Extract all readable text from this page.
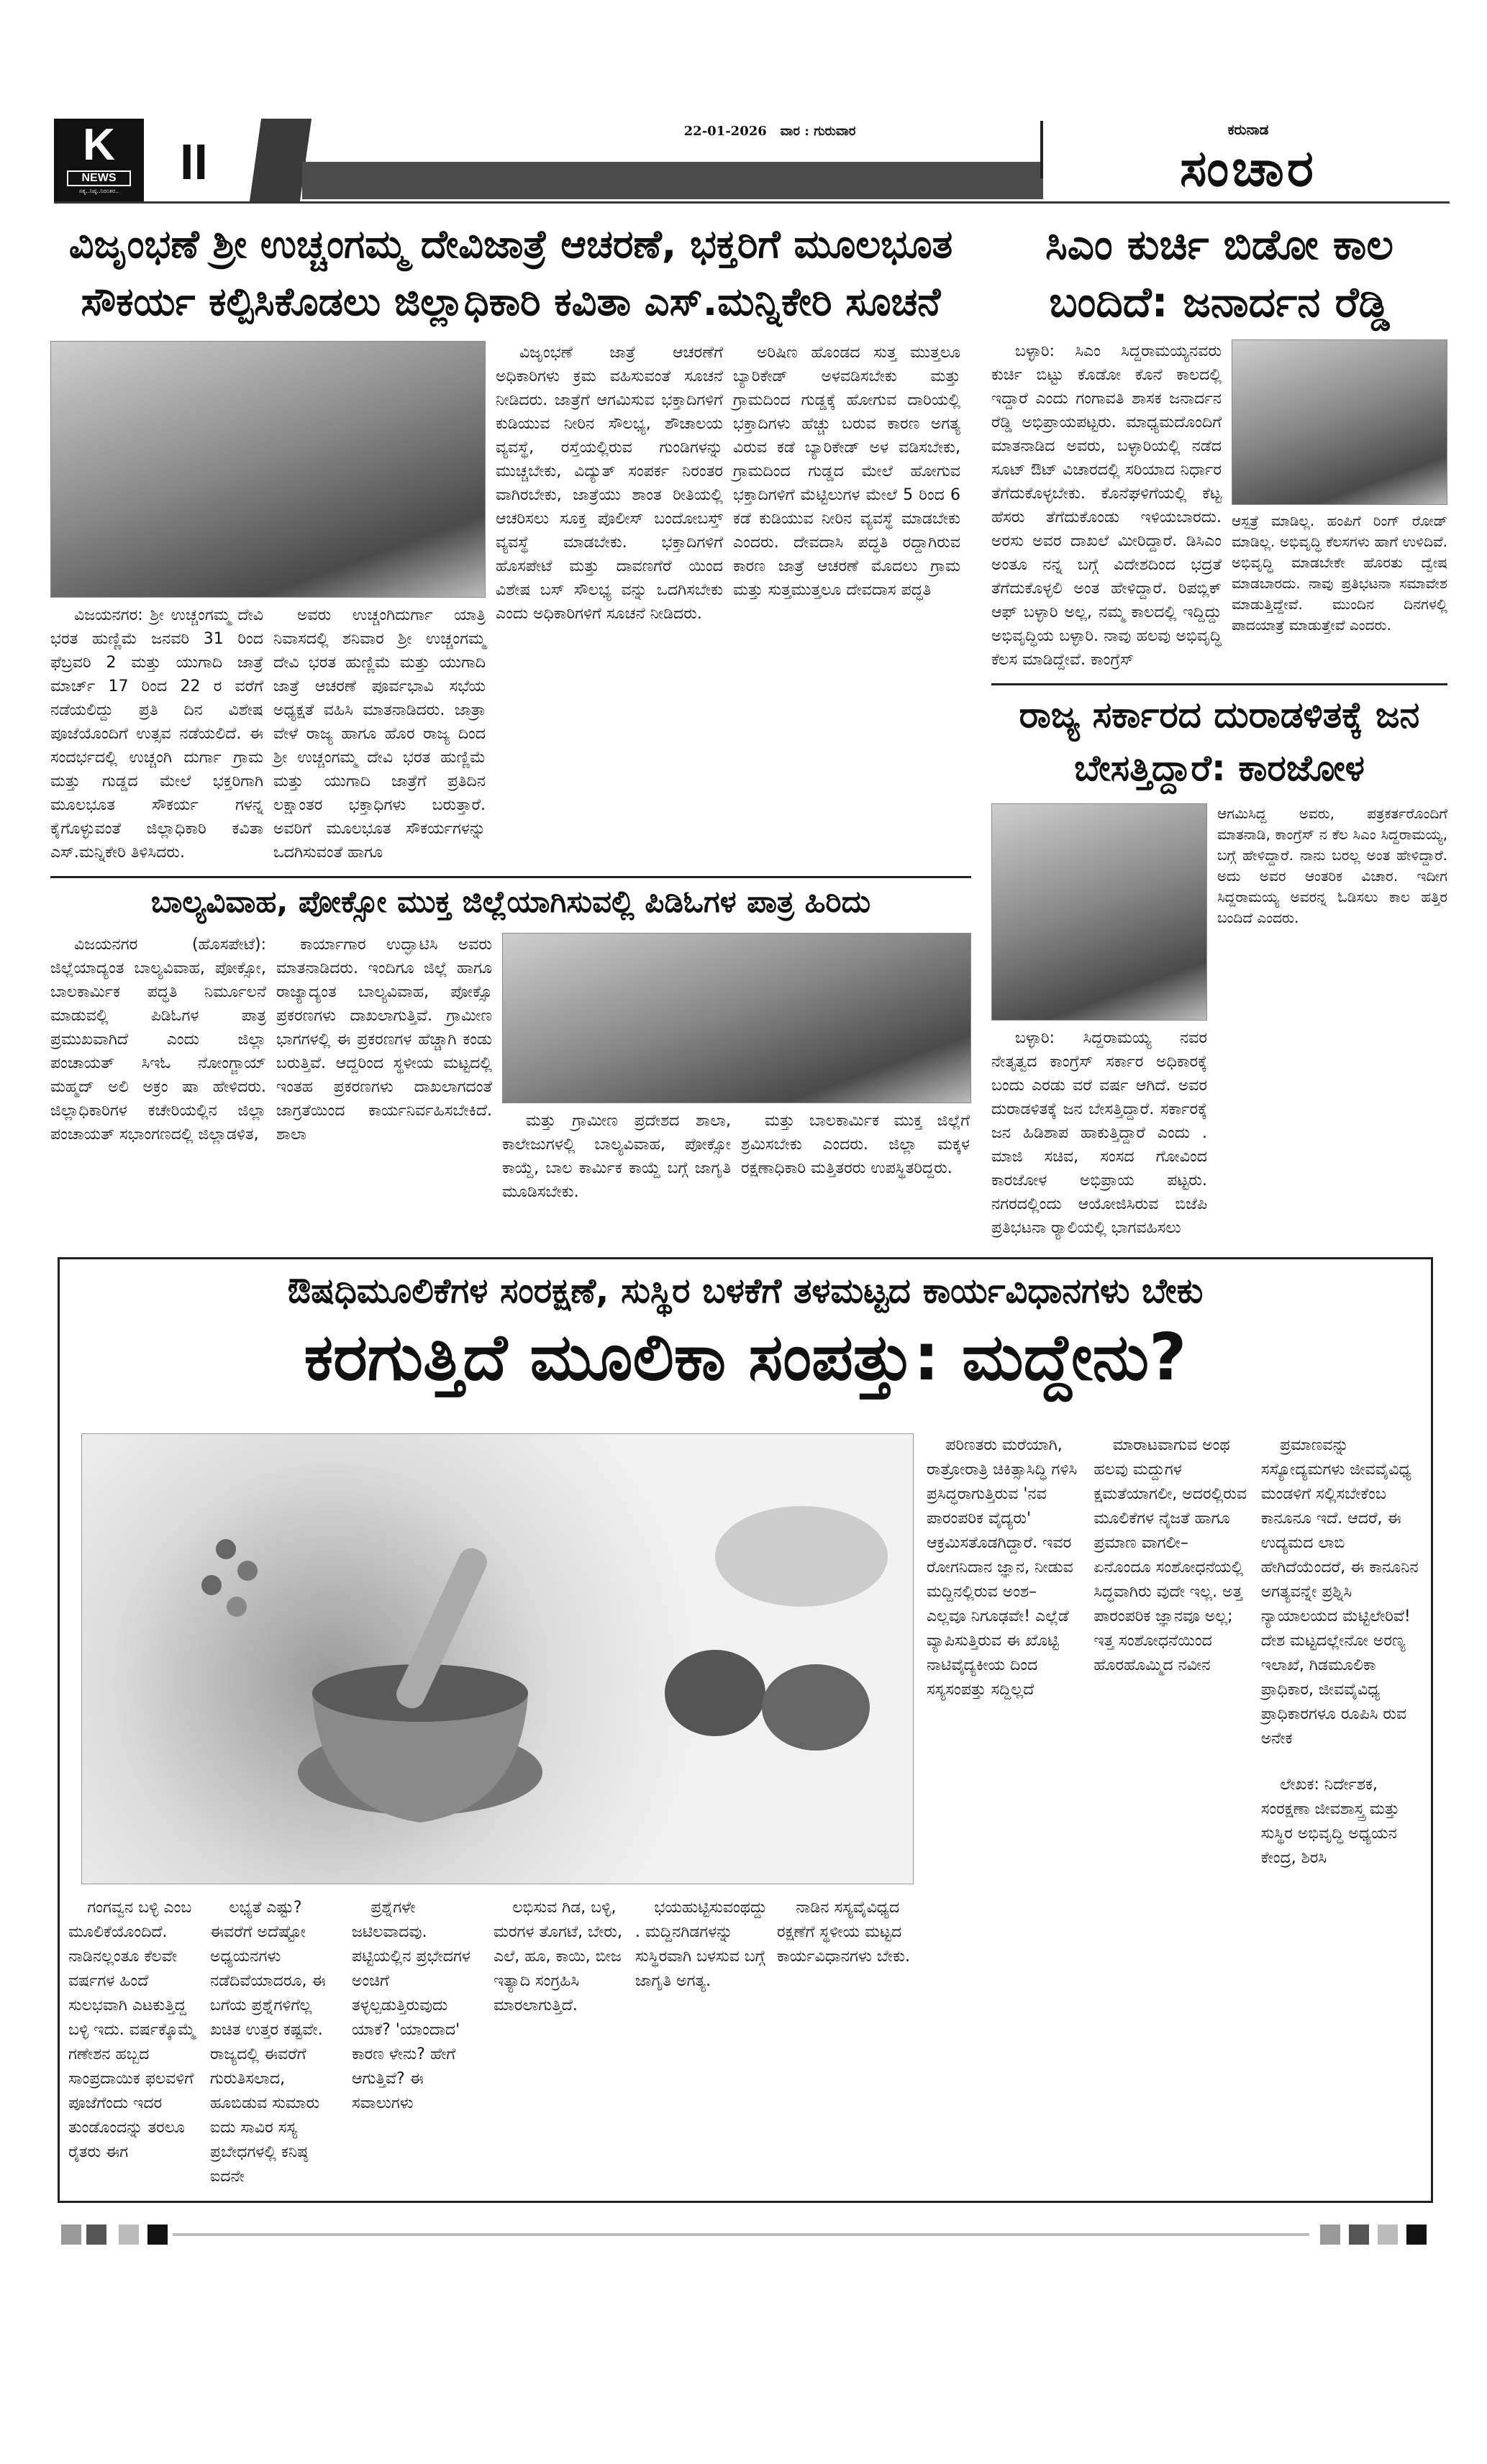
K
NEWS
ಸತ್ಯ..ನಿಷ್ಠ..ನಿರಂತರ..
II
22-01-2026 ವಾರ : ಗುರುವಾರ	ಕರುನಾಡ
ಸಂಚಾರ
ವಿಜೃಂಭಣೆ ಶ್ರೀ ಉಚ್ಚಂಗಮ್ಮ ದೇವಿಜಾತ್ರೆ ಆಚರಣೆ, ಭಕ್ತರಿಗೆ ಮೂಲಭೂತ ಸೌಕರ್ಯ ಕಲ್ಪಿಸಿಕೊಡಲು ಜಿಲ್ಲಾಧಿಕಾರಿ ಕವಿತಾ ಎಸ್.ಮನ್ನಿಕೇರಿ ಸೂಚನೆ

ವಿಜಯನಗರ: ಶ್ರೀ ಉಚ್ಚಂಗಮ್ಮ ದೇವಿ ಭರತ ಹುಣ್ಣಿಮೆ ಜನವರಿ 31 ರಿಂದ ಫೆಬ್ರವರಿ 2 ಮತ್ತು ಯುಗಾದಿ ಜಾತ್ರೆ ಮಾರ್ಚ್ 17 ರಿಂದ 22 ರ ವರೆಗೆ ನಡೆಯಲಿದ್ದು ಪ್ರತಿ ದಿನ ವಿಶೇಷ ಪೂಜೆಯೊಂದಿಗೆ ಉತ್ಸವ ನಡೆಯಲಿದೆ. ಈ ಸಂದರ್ಭದಲ್ಲಿ ಉಚ್ಚಂಗಿ ದುರ್ಗಾ ಗ್ರಾಮ ಮತ್ತು ಗುಡ್ಡದ ಮೇಲೆ ಭಕ್ತರಿಗಾಗಿ ಮೂಲಭೂತ ಸೌಕರ್ಯ ಗಳನ್ನ ಕೈಗೊಳ್ಳುವಂತೆ ಜಿಲ್ಲಾಧಿಕಾರಿ ಕವಿತಾ ಎಸ್.ಮನ್ನಿಕೇರಿ ತಿಳಿಸಿದರು.

ಅವರು ಉಚ್ಚಂಗಿದುರ್ಗಾ ಯಾತ್ರಿ ನಿವಾಸದಲ್ಲಿ ಶನಿವಾರ ಶ್ರೀ ಉಚ್ಚಂಗಮ್ಮ ದೇವಿ ಭರತ ಹುಣ್ಣಿಮೆ ಮತ್ತು ಯುಗಾದಿ ಜಾತ್ರೆ ಆಚರಣೆ ಪೂರ್ವಭಾವಿ ಸಭೆಯ ಅಧ್ಯಕ್ಷತೆ ವಹಿಸಿ ಮಾತನಾಡಿದರು. ಜಾತ್ರಾ ವೇಳೆ ರಾಜ್ಯ ಹಾಗೂ ಹೊರ ರಾಜ್ಯ ದಿಂದ ಶ್ರೀ ಉಚ್ಚಂಗಮ್ಮ ದೇವಿ ಭರತ ಹುಣ್ಣಿಮೆ ಮತ್ತು ಯುಗಾದಿ ಜಾತ್ರೆಗೆ ಪ್ರತಿದಿನ ಲಕ್ಷಾಂತರ ಭಕ್ತಾಧಿಗಳು ಬರುತ್ತಾರೆ. ಅವರಿಗೆ ಮೂಲಭೂತ ಸೌಕರ್ಯಗಳನ್ನು ಒದಗಿಸುವಂತೆ ಹಾಗೂ

ವಿಜೃಂಭಣೆ ಜಾತ್ರೆ ಆಚರಣೆಗೆ ಅಧಿಕಾರಿಗಳು ಕ್ರಮ ವಹಿಸುವಂತೆ ಸೂಚನೆ ನೀಡಿದರು. ಜಾತ್ರೆಗೆ ಆಗಮಿಸುವ ಭಕ್ತಾದಿಗಳಿಗೆ ಕುಡಿಯುವ ನೀರಿನ ಸೌಲಭ್ಯ, ಶೌಚಾಲಯ ವ್ಯವಸ್ಥೆ, ರಸ್ತೆಯಲ್ಲಿರುವ ಗುಂಡಿಗಳನ್ನು ಮುಚ್ಚಬೇಕು, ವಿದ್ಯುತ್ ಸಂಪರ್ಕ ನಿರಂತರ ವಾಗಿರಬೇಕು, ಜಾತ್ರೆಯು ಶಾಂತ ರೀತಿಯಲ್ಲಿ ಆಚರಿಸಲು ಸೂಕ್ತ ಪೊಲೀಸ್ ಬಂದೋಬಸ್ತ್ ವ್ಯವಸ್ಥೆ ಮಾಡಬೇಕು. ಭಕ್ತಾದಿಗಳಿಗೆ ಹೊಸಪೇಟೆ ಮತ್ತು ದಾವಣಗೆರೆ ಯಿಂದ ವಿಶೇಷ ಬಸ್ ಸೌಲಭ್ಯ ವನ್ನು ಒದಗಿಸಬೇಕು ಎಂದು ಅಧಿಕಾರಿಗಳಿಗೆ ಸೂಚನೆ ನೀಡಿದರು.

ಅರಿಷಿಣ ಹೊಂಡದ ಸುತ್ತ ಮುತ್ತಲೂ ಬ್ಯಾರಿಕೇಡ್ ಅಳವಡಿಸಬೇಕು ಮತ್ತು ಗ್ರಾಮದಿಂದ ಗುಡ್ಡಕ್ಕೆ ಹೋಗುವ ದಾರಿಯಲ್ಲಿ ಭಕ್ತಾದಿಗಳು ಹೆಚ್ಚು ಬರುವ ಕಾರಣ ಅಗತ್ಯ ವಿರುವ ಕಡೆ ಬ್ಯಾರಿಕೇಡ್ ಅಳ ವಡಿಸಬೇಕು, ಗ್ರಾಮದಿಂದ ಗುಡ್ಡದ ಮೇಲೆ ಹೋಗುವ ಭಕ್ತಾದಿಗಳಿಗೆ ಮೆಟ್ಟಿಲುಗಳ ಮೇಲೆ 5 ರಿಂದ 6 ಕಡೆ ಕುಡಿಯುವ ನೀರಿನ ವ್ಯವಸ್ಥೆ ಮಾಡಬೇಕು ಎಂದರು. ದೇವದಾಸಿ ಪದ್ಧತಿ ರದ್ದಾಗಿರುವ ಕಾರಣ ಜಾತ್ರೆ ಆಚರಣೆ ಮೊದಲು ಗ್ರಾಮ ಮತ್ತು ಸುತ್ತಮುತ್ತಲೂ ದೇವದಾಸ ಪದ್ಧತಿ

ಬಾಲ್ಯವಿವಾಹ, ಪೋಕ್ಸೋ ಮುಕ್ತ ಜಿಲ್ಲೆಯಾಗಿಸುವಲ್ಲಿ ಪಿಡಿಓಗಳ ಪಾತ್ರ ಹಿರಿದು

ವಿಜಯನಗರ (ಹೊಸಪೇಟೆ): ಜಿಲ್ಲೆಯಾದ್ಯಂತ ಬಾಲ್ಯವಿವಾಹ, ಪೋಕ್ಸೋ, ಬಾಲಕಾರ್ಮಿಕ ಪದ್ಧತಿ ನಿರ್ಮೂಲನೆ ಮಾಡುವಲ್ಲಿ ಪಿಡಿಓಗಳ ಪಾತ್ರ ಪ್ರಮುಖವಾಗಿದೆ ಎಂದು ಜಿಲ್ಲಾ ಪಂಚಾಯತ್ ಸಿಇಓ ನೋಂಗ್ಜಾಯ್ ಮಹ್ಮದ್ ಅಲಿ ಅಕ್ರಂ ಷಾ ಹೇಳಿದರು. ಜಿಲ್ಲಾಧಿಕಾರಿಗಳ ಕಚೇರಿಯಲ್ಲಿನ ಜಿಲ್ಲಾ ಪಂಚಾಯತ್ ಸಭಾಂಗಣದಲ್ಲಿ ಜಿಲ್ಲಾಡಳಿತ,

ಕಾರ್ಯಾಗಾರ ಉದ್ಘಾಟಿಸಿ ಅವರು ಮಾತನಾಡಿದರು. ಇಂದಿಗೂ ಜಿಲ್ಲೆ ಹಾಗೂ ರಾಜ್ಯಾದ್ಯಂತ ಬಾಲ್ಯವಿವಾಹ, ಪೋಕ್ಸೊ ಪ್ರಕರಣಗಳು ದಾಖಲಾಗುತ್ತಿವೆ. ಗ್ರಾಮೀಣ ಭಾಗಗಳಲ್ಲಿ ಈ ಪ್ರಕರಣಗಳ ಹೆಚ್ಚಾಗಿ ಕಂಡು ಬರುತ್ತಿವೆ. ಆದ್ದರಿಂದ ಸ್ಥಳೀಯ ಮಟ್ಟದಲ್ಲಿ ಇಂತಹ ಪ್ರಕರಣಗಳು ದಾಖಲಾಗದಂತೆ ಜಾಗ್ರತೆಯಿಂದ ಕಾರ್ಯನಿರ್ವಹಿಸಬೇಕಿದೆ. ಶಾಲಾ

ಮತ್ತು ಗ್ರಾಮೀಣ ಪ್ರದೇಶದ ಶಾಲಾ, ಕಾಲೇಜುಗಳಲ್ಲಿ ಬಾಲ್ಯವಿವಾಹ, ಪೋಕ್ಸೋ ಕಾಯ್ದೆ, ಬಾಲ ಕಾರ್ಮಿಕ ಕಾಯ್ದೆ ಬಗ್ಗೆ ಜಾಗೃತಿ ಮೂಡಿಸಬೇಕು.

ಮತ್ತು ಬಾಲಕಾರ್ಮಿಕ ಮುಕ್ತ ಜಿಲ್ಲೆಗೆ ಶ್ರಮಿಸಬೇಕು ಎಂದರು. ಜಿಲ್ಲಾ ಮಕ್ಕಳ ರಕ್ಷಣಾಧಿಕಾರಿ ಮತ್ತಿತರರು ಉಪಸ್ಥಿತರಿದ್ದರು.

ಸಿಎಂ ಕುರ್ಚಿ ಬಿಡೋ ಕಾಲ ಬಂದಿದೆ: ಜನಾರ್ದನ ರೆಡ್ಡಿ

ಬಳ್ಳಾರಿ: ಸಿಎಂ ಸಿದ್ದರಾಮಯ್ಯನವರು ಕುರ್ಚಿ ಬಿಟ್ಟು ಕೊಡೋ ಕೊನೆ ಕಾಲದಲ್ಲಿ ಇದ್ದಾರೆ ಎಂದು ಗಂಗಾವತಿ ಶಾಸಕ ಜನಾರ್ದನ ರೆಡ್ಡಿ ಅಭಿಪ್ರಾಯಪಟ್ಟರು. ಮಾಧ್ಯಮದೊಂದಿಗೆ ಮಾತನಾಡಿದ ಅವರು, ಬಳ್ಳಾರಿಯಲ್ಲಿ ನಡೆದ ಸೂಟ್ ಔಟ್ ವಿಚಾರದಲ್ಲಿ ಸರಿಯಾದ ನಿರ್ಧಾರ ತೆಗೆದುಕೊಳ್ಳಬೇಕು. ಕೊನೆಘಳಿಗೆಯಲ್ಲಿ ಕೆಟ್ಟ ಹೆಸರು ತೆಗೆದುಕೊಂಡು ಇಳಿಯಬಾರದು. ಅರಸು ಅವರ ದಾಖಲೆ ಮೀರಿದ್ದಾರೆ. ಡಿಸಿಎಂ ಅಂತೂ ನನ್ನ ಬಗ್ಗೆ ವಿದೇಶದಿಂದ ಭದ್ರತೆ ತೆಗೆದುಕೊಳ್ಳಲಿ ಅಂತ ಹೇಳಿದ್ದಾರೆ. ರಿಪಬ್ಲಿಕ್ ಆಫ್ ಬಳ್ಳಾರಿ ಅಲ್ಲ, ನಮ್ಮ ಕಾಲದಲ್ಲಿ ಇದ್ದಿದ್ದು ಅಭಿವೃದ್ಧಿಯ ಬಳ್ಳಾರಿ. ನಾವು ಹಲವು ಅಭಿವೃದ್ಧಿ ಕೆಲಸ ಮಾಡಿದ್ದೇವೆ. ಕಾಂಗ್ರೆಸ್

ಆಸ್ಪತ್ರೆ ಮಾಡಿಲ್ಲ. ಹಂಪಿಗೆ ರಿಂಗ್ ರೋಡ್ ಮಾಡಿಲ್ಲ. ಅಭಿವೃದ್ಧಿ ಕೆಲಸಗಳು ಹಾಗೆ ಉಳಿದಿವೆ. ಅಭಿವೃದ್ಧಿ ಮಾಡಬೇಕೇ ಹೊರತು ದ್ವೇಷ ಮಾಡಬಾರದು. ನಾವು ಪ್ರತಿಭಟನಾ ಸಮಾವೇಶ ಮಾಡುತ್ತಿದ್ದೇವೆ. ಮುಂದಿನ ದಿನಗಳಲ್ಲಿ ಪಾದಯಾತ್ರೆ ಮಾಡುತ್ತೇವೆ ಎಂದರು.
ರಾಜ್ಯ ಸರ್ಕಾರದ ದುರಾಡಳಿತಕ್ಕೆ ಜನ ಬೇಸತ್ತಿದ್ದಾರೆ: ಕಾರಜೋಳ

ಬಳ್ಳಾರಿ: ಸಿದ್ದರಾಮಯ್ಯ ನವರ ನೇತೃತ್ವದ ಕಾಂಗ್ರೆಸ್ ಸರ್ಕಾರ ಅಧಿಕಾರಕ್ಕೆ ಬಂದು ಎರಡು ವರೆ ವರ್ಷ ಆಗಿದೆ. ಅವರ ದುರಾಡಳಿತಕ್ಕೆ ಜನ ಬೇಸತ್ತಿದ್ದಾರೆ. ಸರ್ಕಾರಕ್ಕೆ ಜನ ಹಿಡಿಶಾಪ ಹಾಕುತ್ತಿದ್ದಾರೆ ಎಂದು . ಮಾಜಿ ಸಚಿವ, ಸಂಸದ ಗೋವಿಂದ ಕಾರಜೋಳ ಅಭಿಪ್ರಾಯ ಪಟ್ಟರು. ನಗರದಲ್ಲಿಂದು ಆಯೋಜಿಸಿರುವ ಬಿಜೆಪಿ ಪ್ರತಿಭಟನಾ ರ್‍ಯಾಲಿಯಲ್ಲಿ ಭಾಗವಹಿಸಲು

ಆಗಮಿಸಿದ್ದ ಅವರು, ಪತ್ರಕರ್ತರೊಂದಿಗೆ ಮಾತನಾಡಿ, ಕಾಂಗ್ರೆಸ್ ನ ಕೆಲ ಸಿಎಂ ಸಿದ್ದರಾಮಯ್ಯ, ಬಗ್ಗೆ ಹೇಳಿದ್ದಾರೆ. ನಾನು ಬರಲ್ಲ ಅಂತ ಹೇಳಿದ್ದಾರೆ. ಅದು ಅವರ ಆಂತರಿಕ ವಿಚಾರ. ಇದೀಗ ಸಿದ್ದರಾಮಯ್ಯ ಅವರನ್ನ ಓಡಿಸಲು ಕಾಲ ಹತ್ತಿರ ಬಂದಿದೆ ಎಂದರು.
ಔಷಧಿಮೂಲಿಕೆಗಳ ಸಂರಕ್ಷಣೆ, ಸುಸ್ಥಿರ ಬಳಕೆಗೆ ತಳಮಟ್ಟದ ಕಾರ್ಯವಿಧಾನಗಳು ಬೇಕು
ಕರಗುತ್ತಿದೆ ಮೂಲಿಕಾ ಸಂಪತ್ತು: ಮದ್ದೇನು?

ಗಂಗವ್ವನ ಬಳ್ಳಿ ಎಂಬ ಮೂಲಿಕೆಯೊಂದಿದೆ. ನಾಡಿನಲ್ಲಂತೂ ಕೆಲವೇ ವರ್ಷಗಳ ಹಿಂದೆ ಸುಲಭವಾಗಿ ಎಟಕುತ್ತಿದ್ದ ಬಳ್ಳಿ ಇದು. ವರ್ಷಕ್ಕೊಮ್ಮೆ ಗಣೇಶನ ಹಬ್ಬದ ಸಾಂಪ್ರದಾಯಿಕ ಫಲವಳಿಗೆ ಪೂಜೆಗೆಂದು ಇದರ ತುಂಡೊಂದನ್ನು ತರಲೂ ರೈತರು ಈಗ

ಲಭ್ಯತೆ ಎಷ್ಟು? ಈವರೆಗೆ ಅದೆಷ್ಟೋ ಅಧ್ಯಯನಗಳು ನಡೆದಿವೆಯಾದರೂ, ಈ ಬಗೆಯ ಪ್ರಶ್ನೆಗಳಿಗೆಲ್ಲ ಖಚಿತ ಉತ್ತರ ಕಷ್ಟವೇ. ರಾಜ್ಯದಲ್ಲಿ ಈವರೆಗೆ ಗುರುತಿಸಲಾದ, ಹೂಬಿಡುವ ಸುಮಾರು ಐದು ಸಾವಿರ ಸಸ್ಯ ಪ್ರಬೇಧಗಳಲ್ಲಿ ಕನಿಷ್ಠ ಐದನೇ

ಪ್ರಶ್ನೆಗಳೇ ಜಟಿಲವಾದವು. ಪಟ್ಟಿಯಲ್ಲಿನ ಪ್ರಭೇದಗಳ ಅಂಚಿಗೆ ತಳ್ಳಲ್ಪಡುತ್ತಿರುವುದು ಯಾಕೆ? 'ಯಾಂದಾದ' ಕಾರಣ ಳೇನು? ಹೇಗೆ ಆಗುತ್ತಿವೆ? ಈ ಸವಾಲುಗಳು

ಲಭಿಸುವ ಗಿಡ, ಬಳ್ಳಿ, ಮರಗಳ ತೊಗಟೆ, ಬೇರು, ಎಲೆ, ಹೂ, ಕಾಯಿ, ಬೀಜ ಇತ್ಯಾದಿ ಸಂಗ್ರಹಿಸಿ ಮಾರಲಾಗುತ್ತಿದೆ.

ಭಯಹುಟ್ಟಿಸುವಂಥದ್ದು. ಮದ್ದಿನಗಿಡಗಳನ್ನು ಸುಸ್ಥಿರವಾಗಿ ಬಳಸುವ ಬಗ್ಗೆ ಜಾಗೃತಿ ಅಗತ್ಯ.

ನಾಡಿನ ಸಸ್ಯವೈವಿಧ್ಯದ ರಕ್ಷಣೆಗೆ ಸ್ಥಳೀಯ ಮಟ್ಟದ ಕಾರ್ಯವಿಧಾನಗಳು ಬೇಕು.

ಪರಿಣತರು ಮರೆಯಾಗಿ, ರಾತ್ರೋರಾತ್ರಿ ಚಿಕಿತ್ಸಾಸಿದ್ಧಿ ಗಳಿಸಿ ಪ್ರಸಿದ್ಧರಾಗುತ್ತಿರುವ 'ನವ ಪಾರಂಪರಿಕ ವೈದ್ಯರು' ಆಕ್ರಮಿಸತೊಡಗಿದ್ದಾರೆ. ಇವರ ರೋಗನಿದಾನ ಜ್ಞಾನ, ನೀಡುವ ಮದ್ದಿನಲ್ಲಿರುವ ಅಂಶ– ಎಲ್ಲವೂ ನಿಗೂಢವೇ! ಎಲ್ಲೆಡೆ ವ್ಯಾಪಿಸುತ್ತಿರುವ ಈ ಖೊಟ್ಟಿ ನಾಟಿವೈದ್ಯಕೀಯ ದಿಂದ ಸಸ್ಯಸಂಪತ್ತು ಸದ್ದಿಲ್ಲದೆ

ಮಾರಾಟವಾಗುವ ಅಂಥ ಹಲವು ಮದ್ದುಗಳ ಕ್ಷಮತೆಯಾಗಲೀ, ಅದರಲ್ಲಿರುವ ಮೂಲಿಕೆಗಳ ನೈಜತೆ ಹಾಗೂ ಪ್ರಮಾಣ ವಾಗಲೀ– ಏನೊಂದೂ ಸಂಶೋಧನೆಯಲ್ಲಿ ಸಿದ್ಧವಾಗಿರು ವುದೇ ಇಲ್ಲ. ಅತ್ತ ಪಾರಂಪರಿಕ ಜ್ಞಾನವೂ ಅಲ್ಲ; ಇತ್ತ ಸಂಶೋಧನೆಯಿಂದ ಹೊರಹೊಮ್ಮಿದ ನವೀನ

ಪ್ರಮಾಣವನ್ನು ಸಸ್ಯೋದ್ಯಮಗಳು ಜೀವವೈವಿಧ್ಯ ಮಂಡಳಿಗೆ ಸಲ್ಲಿಸಬೇಕೆಂಬ ಕಾನೂನೂ ಇದೆ. ಆದರೆ, ಈ ಉದ್ಯಮದ ಲಾಬಿ ಹೇಗಿದೆಯೆಂದರೆ, ಈ ಕಾನೂನಿನ ಅಗತ್ಯವನ್ನೇ ಪ್ರಶ್ನಿಸಿ ನ್ಯಾಯಾಲಯದ ಮೆಟ್ಟಿಲೇರಿವೆ! ದೇಶ ಮಟ್ಟದಲ್ಲೇನೋ ಅರಣ್ಯ ಇಲಾಖೆ, ಗಿಡಮೂಲಿಕಾ ಪ್ರಾಧಿಕಾರ, ಜೀವವೈವಿಧ್ಯ ಪ್ರಾಧಿಕಾರಗಳೂ ರೂಪಿಸಿ ರುವ ಅನೇಕ

ಲೇಖಕ: ನಿರ್ದೇಶಕ, ಸಂರಕ್ಷಣಾ ಜೀವಶಾಸ್ತ್ರ ಮತ್ತು ಸುಸ್ಥಿರ ಅಭಿವೃದ್ಧಿ ಅಧ್ಯಯನ ಕೇಂದ್ರ, ಶಿರಸಿ
